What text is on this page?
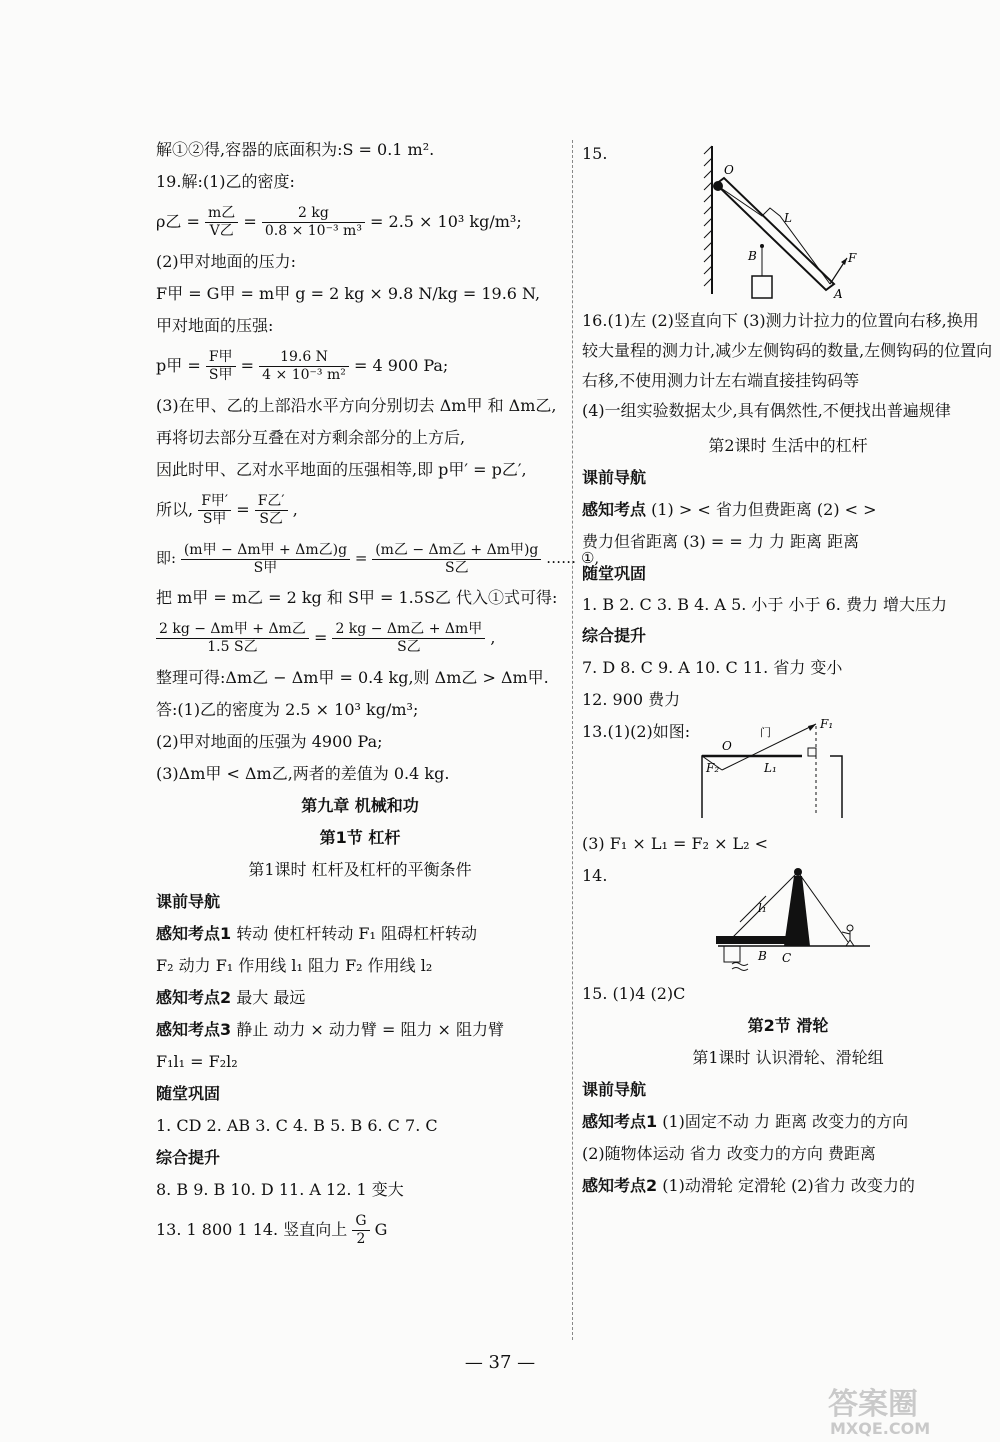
解①②得,容器的底面积为:S = 0.1 m².
19.解:(1)乙的密度:
ρ乙 = $\frac{\text{m乙}}{\text{V乙}} = \frac{2 kg}{\text{0.8 × 10⁻³ m³}} = 2.5 \times 10^3$ kg/m³;
(2)甲对地面的压力:
F甲 = G甲 = m甲 g = 2 kg × 9.8 N/kg = 19.6 N,
甲对地面的压强:
p甲 = $\frac{\text{F甲}}{\text{S甲}} = \frac{19.6 N}{\text{4 × 10⁻³ m²}} = 4$ 900 Pa;
(3)在甲、乙的上部沿水平方向分别切去 Δm甲 和 Δm乙,
再将切去部分互叠在对方剩余部分的上方后,
因此时甲、乙对水平地面的压强相等,即 p甲′ = p乙′,
所以, $\frac{\text{F甲′}}{\text{S甲}} = \frac{\text{F乙′}}{\text{S乙}}$ ,
即: $\frac{\text{(m甲 − Δm甲 + Δm乙)g}}{\text{S甲}} = \frac{\text{(m乙 − Δm乙 + Δm甲)g}}{\text{S乙}}$ …… ①,
把 m甲 = m乙 = 2 kg 和 S甲 = 1.5S乙 代入①式可得:
$\frac{\text{2 kg − Δm甲 + Δm乙}}{\text{1.5 S乙}} = \frac{\text{2 kg − Δm乙 + Δm甲}}{\text{S乙}}$ ,
整理可得:Δm乙 − Δm甲 = 0.4 kg,则 Δm乙 > Δm甲.
答:(1)乙的密度为 2.5 × 10³ kg/m³;
(2)甲对地面的压强为 4900 Pa;
(3)Δm甲 < Δm乙,两者的差值为 0.4 kg.
第九章 机械和功
第1节 杠杆
第1课时 杠杆及杠杆的平衡条件
课前导航
感知考点1 转动 使杠杆转动 F₁ 阻碍杠杆转动
F₂ 动力 F₁ 作用线 l₁ 阻力 F₂ 作用线 l₂
感知考点2 最大 最远
感知考点3 静止 动力 × 动力臂 = 阻力 × 阻力臂
F₁l₁ = F₂l₂
随堂巩固
1. CD 2. AB 3. C 4. B 5. B 6. C 7. C
综合提升
8. B 9. B 10. D 11. A 12. 1 变大
13. 1 800 1 14. 竖直向上 $\frac{G}{2}$ G
15.
O
L
B	F
A
16.(1)左 (2)竖直向下 (3)测力计拉力的位置向右移,换用较大量程的测力计,减少左侧钩码的数量,左侧钩码的位置向右移,不使用测力计左右端直接挂钩码等
(4)一组实验数据太少,具有偶然性,不便找出普遍规律
第2课时 生活中的杠杆
课前导航
感知考点 (1) > < 省力但费距离 (2) < >
费力但省距离 (3) = = 力 力 距离 距离
随堂巩固
1. B 2. C 3. B 4. A 5. 小于 小于 6. 费力 增大压力
综合提升
7. D 8. C 9. A 10. C 11. 省力 变小
12. 900 费力
13.(1)(2)如图:
O
门
F₁
F₂	L₁
(3) F₁ × L₁ = F₂ × L₂ <
14.
l₁
B C
15. (1)4 (2)C
第2节 滑轮
第1课时 认识滑轮、滑轮组
课前导航
感知考点1 (1)固定不动 力 距离 改变力的方向
(2)随物体运动 省力 改变力的方向 费距离
感知考点2 (1)动滑轮 定滑轮 (2)省力 改变力的
— 37 —
答案圈
MXQE.COM
